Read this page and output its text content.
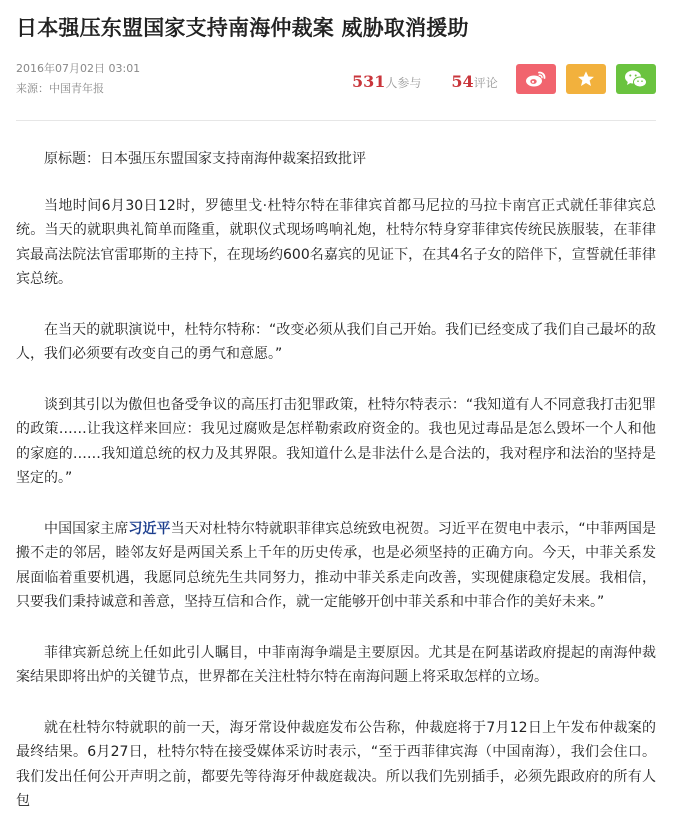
日本强压东盟国家支持南海仲裁案 威胁取消援助
2016年07月02日 03:01
来源：中国青年报	531人参与 54评论

原标题：日本强压东盟国家支持南海仲裁案招致批评

当地时间6月30日12时，罗德里戈·杜特尔特在菲律宾首都马尼拉的马拉卡南宫正式就任菲律宾总统。当天的就职典礼简单而隆重，就职仪式现场鸣响礼炮，杜特尔特身穿菲律宾传统民族服装，在菲律宾最高法院法官雷耶斯的主持下，在现场约600名嘉宾的见证下，在其4名子女的陪伴下，宣誓就任菲律宾总统。

在当天的就职演说中，杜特尔特称：“改变必须从我们自己开始。我们已经变成了我们自己最坏的敌人，我们必须要有改变自己的勇气和意愿。”

谈到其引以为傲但也备受争议的高压打击犯罪政策，杜特尔特表示：“我知道有人不同意我打击犯罪的政策……让我这样来回应：我见过腐败是怎样勒索政府资金的。我也见过毒品是怎么毁坏一个人和他的家庭的……我知道总统的权力及其界限。我知道什么是非法什么是合法的，我对程序和法治的坚持是坚定的。”

中国国家主席习近平当天对杜特尔特就职菲律宾总统致电祝贺。习近平在贺电中表示，“中菲两国是搬不走的邻居，睦邻友好是两国关系上千年的历史传承，也是必须坚持的正确方向。今天，中菲关系发展面临着重要机遇，我愿同总统先生共同努力，推动中菲关系走向改善，实现健康稳定发展。我相信，只要我们秉持诚意和善意，坚持互信和合作，就一定能够开创中菲关系和中菲合作的美好未来。”

菲律宾新总统上任如此引人瞩目，中菲南海争端是主要原因。尤其是在阿基诺政府提起的南海仲裁案结果即将出炉的关键节点，世界都在关注杜特尔特在南海问题上将采取怎样的立场。

就在杜特尔特就职的前一天，海牙常设仲裁庭发布公告称，仲裁庭将于7月12日上午发布仲裁案的最终结果。6月27日，杜特尔特在接受媒体采访时表示，“至于西菲律宾海（中国南海），我们会住口。我们发出任何公开声明之前，都要先等待海牙仲裁庭裁决。所以我们先别插手，必须先跟政府的所有人包
